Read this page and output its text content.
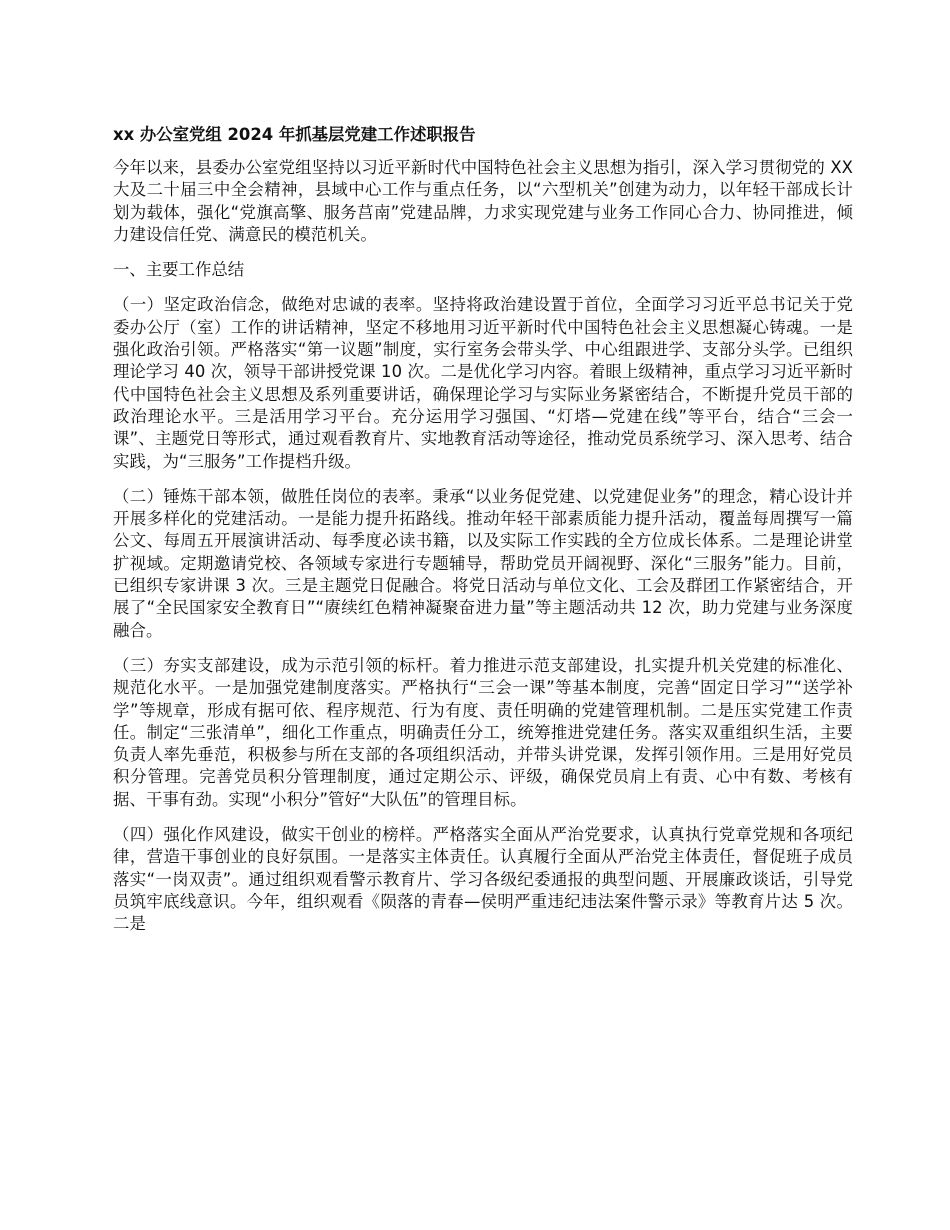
xx 办公室党组 2024 年抓基层党建工作述职报告

今年以来，县委办公室党组坚持以习近平新时代中国特色社会主义思想为指引，深入学习贯彻党的 XX 大及二十届三中全会精神，县域中心工作与重点任务，以“六型机关”创建为动力，以年轻干部成长计划为载体，强化“党旗高擎、服务莒南”党建品牌，力求实现党建与业务工作同心合力、协同推进，倾力建设信任党、满意民的模范机关。

一、主要工作总结

（一）坚定政治信念，做绝对忠诚的表率。坚持将政治建设置于首位，全面学习习近平总书记关于党委办公厅（室）工作的讲话精神，坚定不移地用习近平新时代中国特色社会主义思想凝心铸魂。一是强化政治引领。严格落实“第一议题”制度，实行室务会带头学、中心组跟进学、支部分头学。已组织理论学习 40 次，领导干部讲授党课 10 次。二是优化学习内容。着眼上级精神，重点学习习近平新时代中国特色社会主义思想及系列重要讲话，确保理论学习与实际业务紧密结合，不断提升党员干部的政治理论水平。三是活用学习平台。充分运用学习强国、“灯塔—党建在线”等平台，结合“三会一课”、主题党日等形式，通过观看教育片、实地教育活动等途径，推动党员系统学习、深入思考、结合实践，为“三服务”工作提档升级。

（二）锤炼干部本领，做胜任岗位的表率。秉承“以业务促党建、以党建促业务”的理念，精心设计并开展多样化的党建活动。一是能力提升拓路线。推动年轻干部素质能力提升活动，覆盖每周撰写一篇公文、每周五开展演讲活动、每季度必读书籍，以及实际工作实践的全方位成长体系。二是理论讲堂扩视域。定期邀请党校、各领域专家进行专题辅导，帮助党员开阔视野、深化“三服务”能力。目前，已组织专家讲课 3 次。三是主题党日促融合。将党日活动与单位文化、工会及群团工作紧密结合，开展了“全民国家安全教育日”“赓续红色精神凝聚奋进力量”等主题活动共 12 次，助力党建与业务深度融合。

（三）夯实支部建设，成为示范引领的标杆。着力推进示范支部建设，扎实提升机关党建的标准化、规范化水平。一是加强党建制度落实。严格执行“三会一课”等基本制度，完善“固定日学习”“送学补学”等规章，形成有据可依、程序规范、行为有度、责任明确的党建管理机制。二是压实党建工作责任。制定“三张清单”，细化工作重点，明确责任分工，统筹推进党建任务。落实双重组织生活，主要负责人率先垂范，积极参与所在支部的各项组织活动，并带头讲党课，发挥引领作用。三是用好党员积分管理。完善党员积分管理制度，通过定期公示、评级，确保党员肩上有责、心中有数、考核有据、干事有劲。实现“小积分”管好“大队伍”的管理目标。

（四）强化作风建设，做实干创业的榜样。严格落实全面从严治党要求，认真执行党章党规和各项纪律，营造干事创业的良好氛围。一是落实主体责任。认真履行全面从严治党主体责任，督促班子成员落实“一岗双责”。通过组织观看警示教育片、学习各级纪委通报的典型问题、开展廉政谈话，引导党员筑牢底线意识。今年，组织观看《陨落的青春—侯明严重违纪违法案件警示录》等教育片达 5 次。二是
